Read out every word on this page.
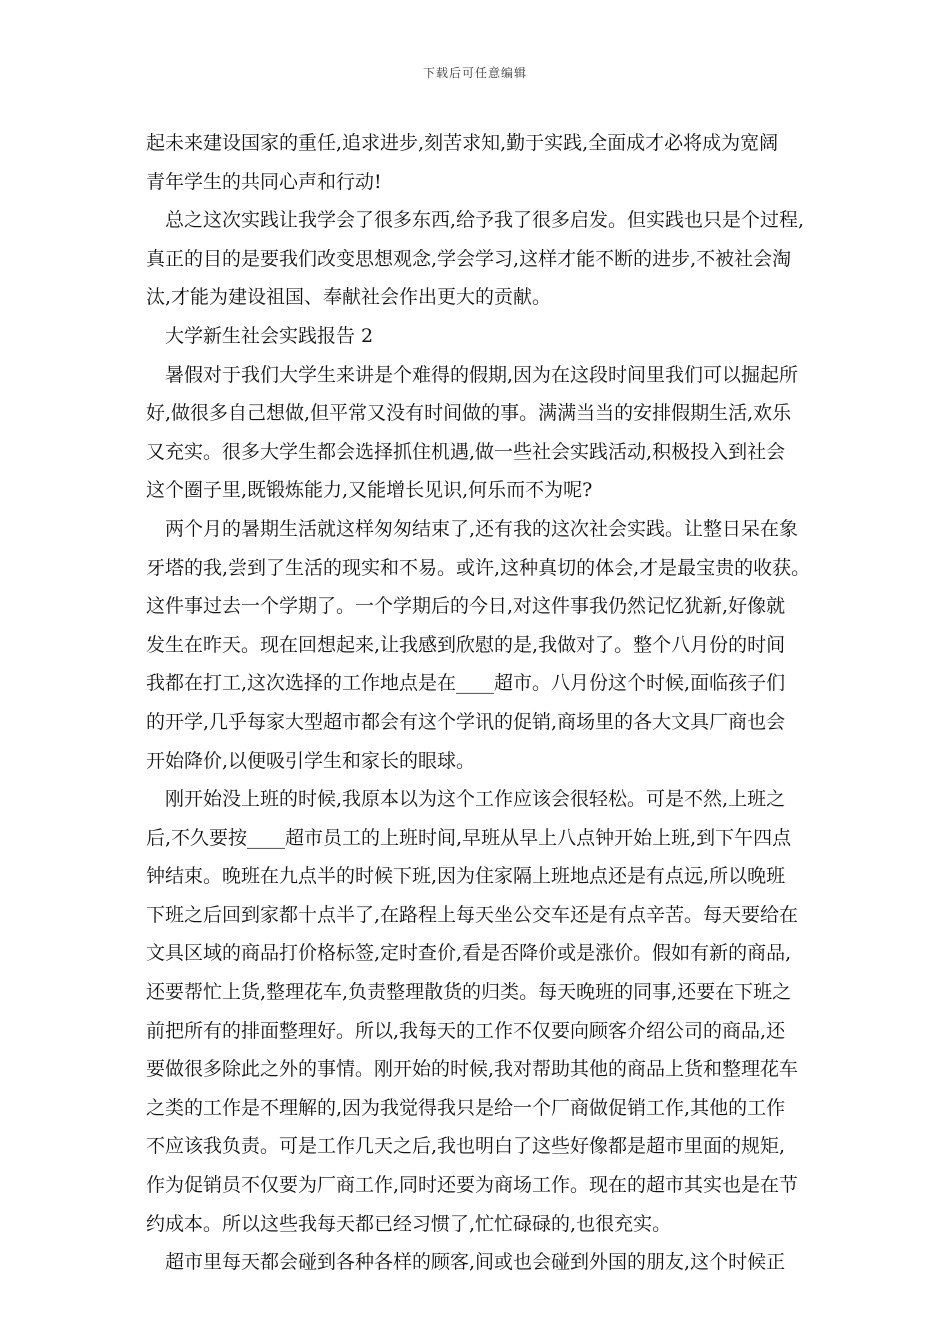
下载后可任意编辑
起未来建设国家的重任,追求进步,刻苦求知,勤于实践,全面成才必将成为宽阔
青年学生的共同心声和行动!
总之这次实践让我学会了很多东西,给予我了很多启发。但实践也只是个过程,
真正的目的是要我们改变思想观念,学会学习,这样才能不断的进步,不被社会淘
汰,才能为建设祖国、奉献社会作出更大的贡献。
大学新生社会实践报告 2
暑假对于我们大学生来讲是个难得的假期,因为在这段时间里我们可以掘起所
好,做很多自己想做,但平常又没有时间做的事。满满当当的安排假期生活,欢乐
又充实。很多大学生都会选择抓住机遇,做一些社会实践活动,积极投入到社会
这个圈子里,既锻炼能力,又能增长见识,何乐而不为呢?
两个月的暑期生活就这样匆匆结束了,还有我的这次社会实践。让整日呆在象
牙塔的我,尝到了生活的现实和不易。或许,这种真切的体会,才是最宝贵的收获。
这件事过去一个学期了。一个学期后的今日,对这件事我仍然记忆犹新,好像就
发生在昨天。现在回想起来,让我感到欣慰的是,我做对了。整个八月份的时间
我都在打工,这次选择的工作地点是在____超市。八月份这个时候,面临孩子们
的开学,几乎每家大型超市都会有这个学讯的促销,商场里的各大文具厂商也会
开始降价,以便吸引学生和家长的眼球。
刚开始没上班的时候,我原本以为这个工作应该会很轻松。可是不然,上班之
后,不久要按____超市员工的上班时间,早班从早上八点钟开始上班,到下午四点
钟结束。晚班在九点半的时候下班,因为住家隔上班地点还是有点远,所以晚班
下班之后回到家都十点半了,在路程上每天坐公交车还是有点辛苦。每天要给在
文具区域的商品打价格标签,定时查价,看是否降价或是涨价。假如有新的商品,
还要帮忙上货,整理花车,负责整理散货的归类。每天晚班的同事,还要在下班之
前把所有的排面整理好。所以,我每天的工作不仅要向顾客介绍公司的商品,还
要做很多除此之外的事情。刚开始的时候,我对帮助其他的商品上货和整理花车
之类的工作是不理解的,因为我觉得我只是给一个厂商做促销工作,其他的工作
不应该我负责。可是工作几天之后,我也明白了这些好像都是超市里面的规矩,
作为促销员不仅要为厂商工作,同时还要为商场工作。现在的超市其实也是在节
约成本。所以这些我每天都已经习惯了,忙忙碌碌的,也很充实。
超市里每天都会碰到各种各样的顾客,间或也会碰到外国的朋友,这个时候正
